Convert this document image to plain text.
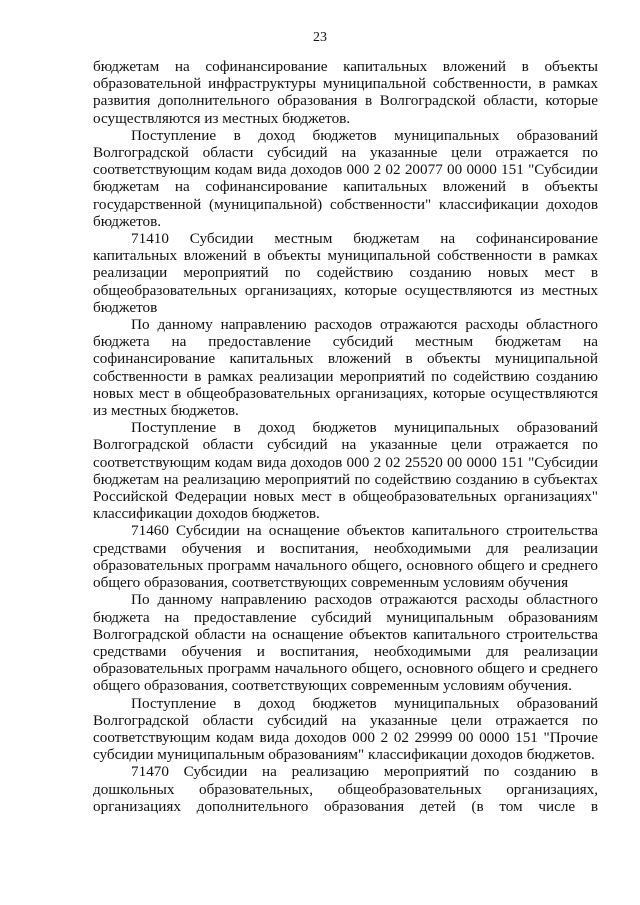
23

бюджетам на софинансирование капитальных вложений в объекты образовательной инфраструктуры муниципальной собственности, в рамках развития дополнительного образования в Волгоградской области, которые осуществляются из местных бюджетов.

Поступление в доход бюджетов муниципальных образований Волгоградской области субсидий на указанные цели отражается по соответствующим кодам вида доходов 000 2 02 20077 00 0000 151 "Субсидии бюджетам на софинансирование капитальных вложений в объекты государственной (муниципальной) собственности" классификации доходов бюджетов.

71410 Субсидии местным бюджетам на софинансирование капитальных вложений в объекты муниципальной собственности в рамках реализации мероприятий по содействию созданию новых мест в общеобразовательных организациях, которые осуществляются из местных бюджетов

По данному направлению расходов отражаются расходы областного бюджета на предоставление субсидий местным бюджетам на софинансирование капитальных вложений в объекты муниципальной собственности в рамках реализации мероприятий по содействию созданию новых мест в общеобразовательных организациях, которые осуществляются из местных бюджетов.

Поступление в доход бюджетов муниципальных образований Волгоградской области субсидий на указанные цели отражается по соответствующим кодам вида доходов 000 2 02 25520 00 0000 151 "Субсидии бюджетам на реализацию мероприятий по содействию созданию в субъектах Российской Федерации новых мест в общеобразовательных организациях" классификации доходов бюджетов.

71460 Субсидии на оснащение объектов капитального строительства средствами обучения и воспитания, необходимыми для реализации образовательных программ начального общего, основного общего и среднего общего образования, соответствующих современным условиям обучения

По данному направлению расходов отражаются расходы областного бюджета на предоставление субсидий муниципальным образованиям Волгоградской области на оснащение объектов капитального строительства средствами обучения и воспитания, необходимыми для реализации образовательных программ начального общего, основного общего и среднего общего образования, соответствующих современным условиям обучения.

Поступление в доход бюджетов муниципальных образований Волгоградской области субсидий на указанные цели отражается по соответствующим кодам вида доходов 000 2 02 29999 00 0000 151 "Прочие субсидии муниципальным образованиям" классификации доходов бюджетов.

71470 Субсидии на реализацию мероприятий по созданию в дошкольных образовательных, общеобразовательных организациях, организациях дополнительного образования детей (в том числе в
